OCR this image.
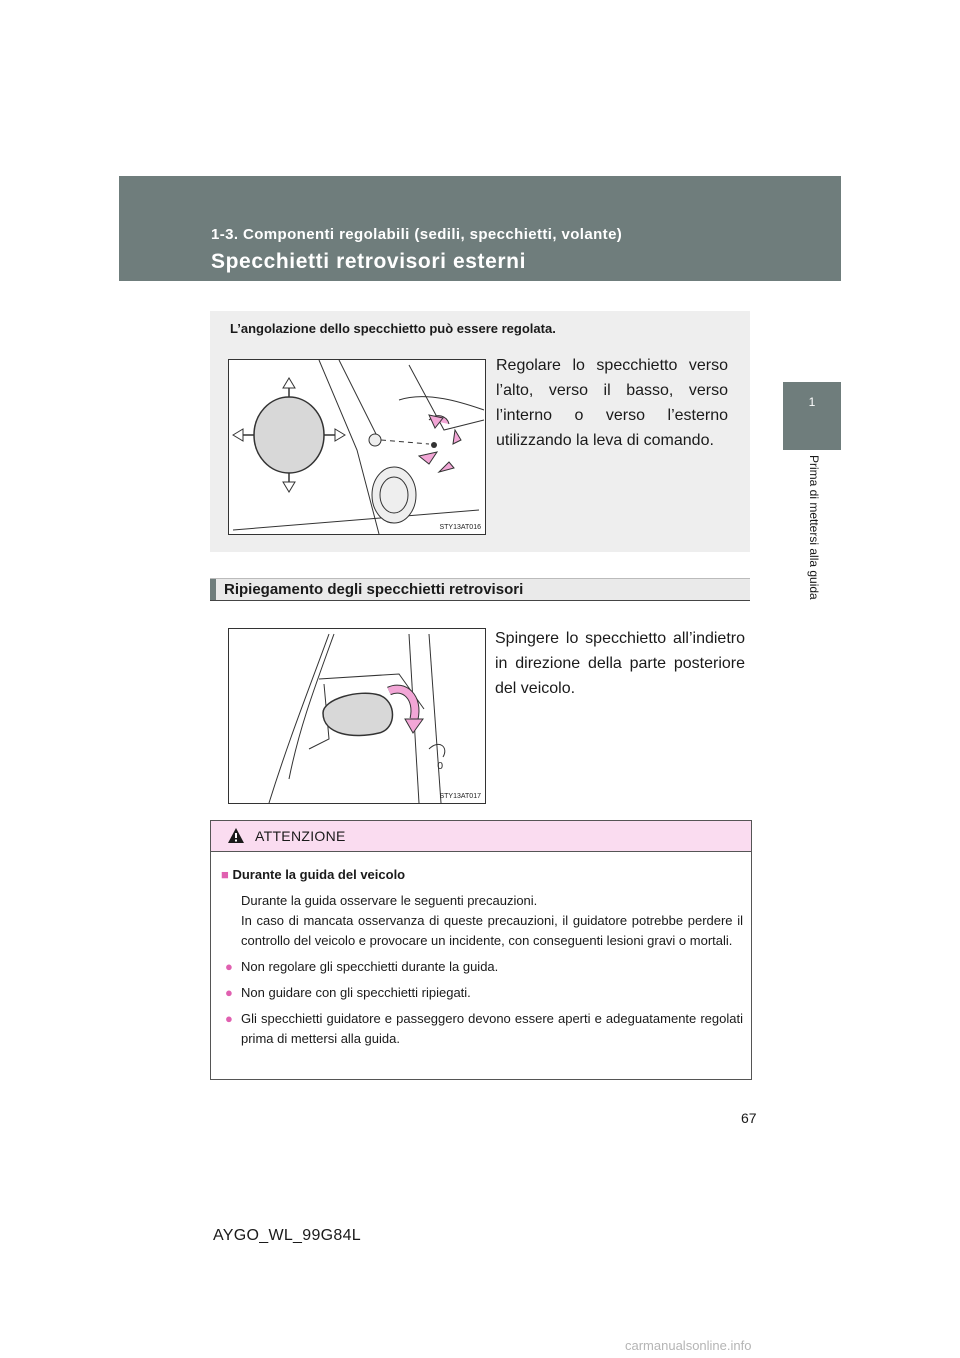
1-3. Componenti regolabili (sedili, specchietti, volante)
Specchietti retrovisori esterni
1
Prima di mettersi alla guida
L’angolazione dello specchietto può essere regolata.
Regolare lo specchietto verso l’alto, verso il basso, verso l’interno o verso l’esterno utilizzando la leva di comando.
STY13AT016
Ripiegamento degli specchietti retrovisori
0
STY13AT017
Spingere lo specchietto all’indietro in direzione della parte posteriore del veicolo.
ATTENZIONE
■ Durante la guida del veicolo
Durante la guida osservare le seguenti precauzioni.
In caso di mancata osservanza di queste precauzioni, il guidatore potrebbe perdere il controllo del veicolo e provocare un incidente, con conseguenti lesioni gravi o mortali.
● Non regolare gli specchietti durante la guida.
● Non guidare con gli specchietti ripiegati.
● Gli specchietti guidatore e passeggero devono essere aperti e adeguatamente regolati prima di mettersi alla guida.
67
AYGO_WL_99G84L
carmanualsonline.info
